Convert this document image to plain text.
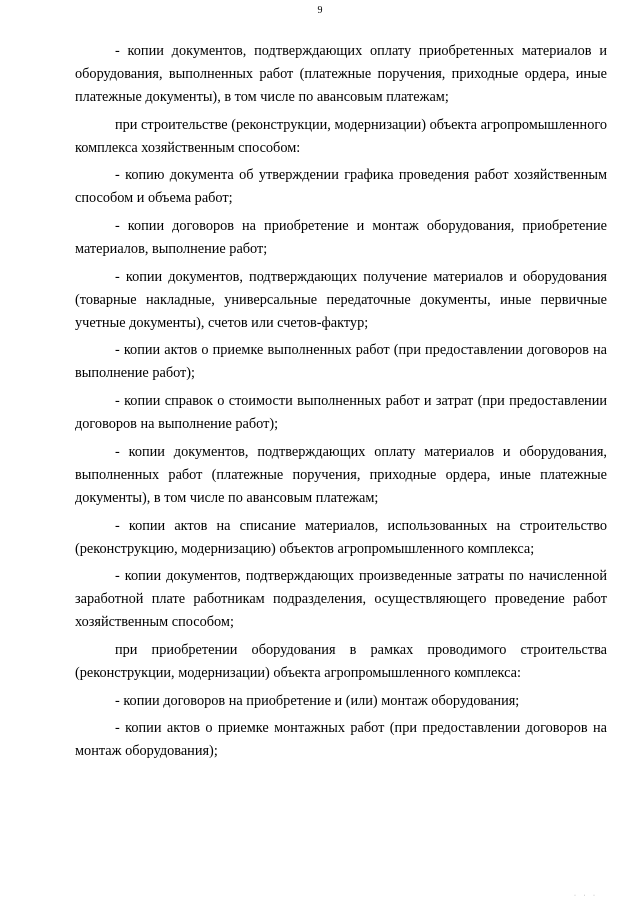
9

- копии документов, подтверждающих оплату приобретенных материалов и оборудования, выполненных работ (платежные поручения, приходные ордера, иные платежные документы), в том числе по авансовым платежам;

при строительстве (реконструкции, модернизации) объекта агропромышленного комплекса хозяйственным способом:

- копию документа об утверждении графика проведения работ хозяйственным способом и объема работ;

- копии договоров на приобретение и монтаж оборудования, приобретение материалов, выполнение работ;

- копии документов, подтверждающих получение материалов и оборудования (товарные накладные, универсальные передаточные документы, иные первичные учетные документы), счетов или счетов-фактур;

- копии актов о приемке выполненных работ (при предоставлении договоров на выполнение работ);

- копии справок о стоимости выполненных работ и затрат (при предоставлении договоров на выполнение работ);

- копии документов, подтверждающих оплату материалов и оборудования, выполненных работ (платежные поручения, приходные ордера, иные платежные документы), в том числе по авансовым платежам;

- копии актов на списание материалов, использованных на строительство (реконструкцию, модернизацию) объектов агропромышленного комплекса;

- копии документов, подтверждающих произведенные затраты по начисленной заработной плате работникам подразделения, осуществляющего проведение работ хозяйственным способом;

при приобретении оборудования в рамках проводимого строительства (реконструкции, модернизации) объекта агропромышленного комплекса:

- копии договоров на приобретение и (или) монтаж оборудования;

- копии актов о приемке монтажных работ (при предоставлении договоров на монтаж оборудования);

· · ·
